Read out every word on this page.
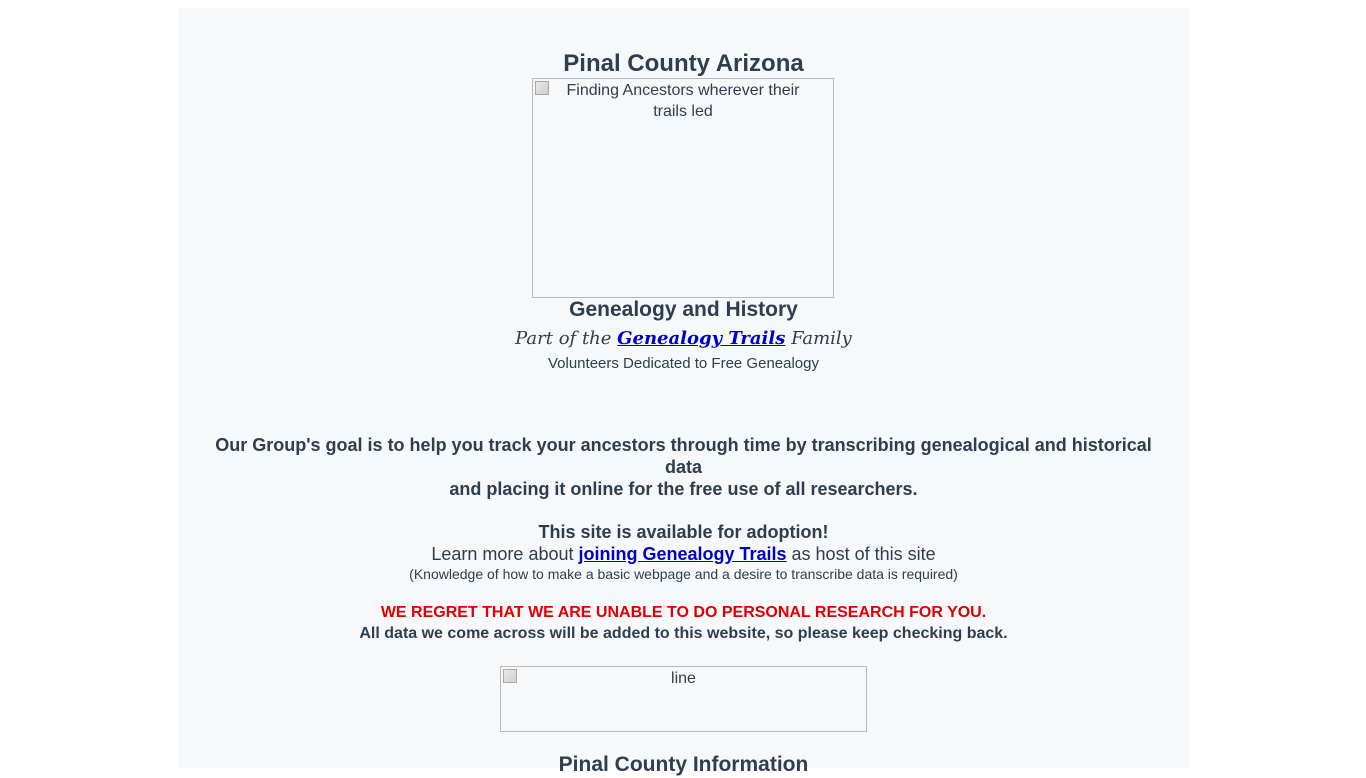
Pinal County Arizona
Finding Ancestors wherever their trails led
Genealogy and History
Part of the Genealogy Trails Family
Volunteers Dedicated to Free Genealogy
Our Group's goal is to help you track your ancestors through time by transcribing genealogical and historical data
and placing it online for the free use of all researchers.
This site is available for adoption!
Learn more about joining Genealogy Trails as host of this site
(Knowledge of how to make a basic webpage and a desire to transcribe data is required)
WE REGRET THAT WE ARE UNABLE TO DO PERSONAL RESEARCH FOR YOU.
All data we come across will be added to this website, so please keep checking back.
line
Pinal County Information
